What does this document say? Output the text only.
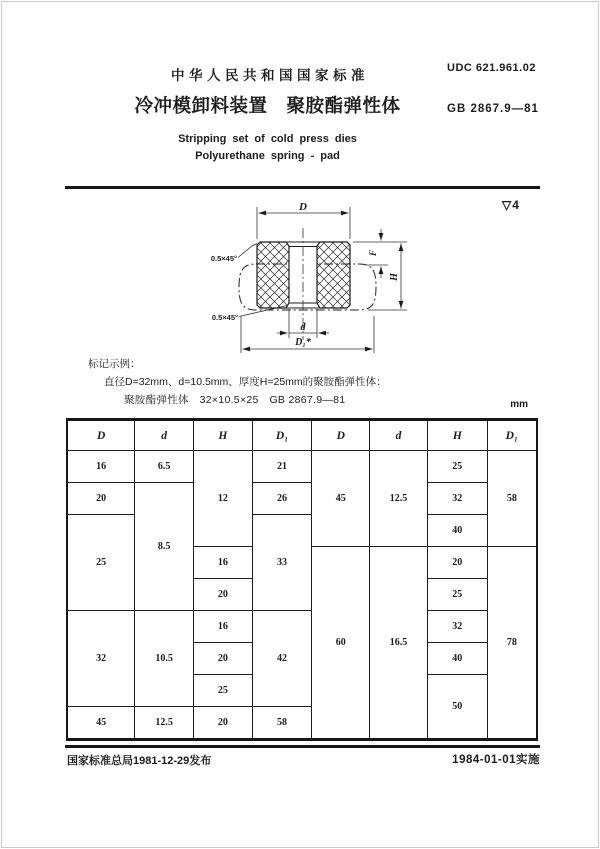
中华人民共和国国家标准	UDC 621.961.02
冷冲模卸料装置　聚胺酯弹性体	GB 2867.9—81
Stripping set of cold press dies
Polyurethane spring - pad
▽4
D
H
F
d
D₁*
0.5×45°
0.5×45°
标记示例：
直径D=32mm、d=10.5mm、厚度H=25mm的聚胺酯弹性体：
聚胺酯弹性体　32×10.5×25　GB 2867.9—81	mm
D	d	H	D₁	D	d	H	D₁
16	6.5	12	21	45	12.5	25	58
20	8.5		26			32	
25			33			40	
		16		60	16.5	20	78
		20				25	
32	10.5	16	42			32	
		20				40	
		25				50	
45	12.5	20	58				
国家标准总局1981-12-29发布	1984-01-01实施
